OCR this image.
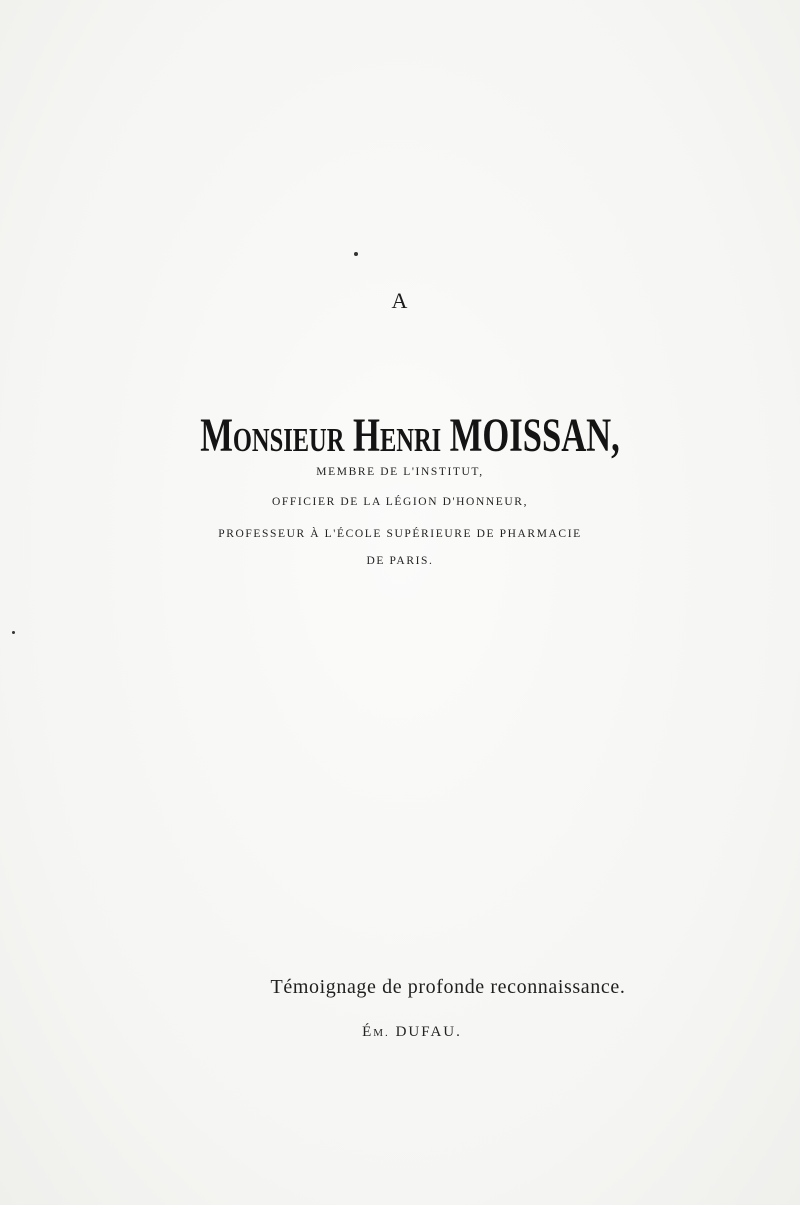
A
MONSIEUR HENRI MOISSAN,
MEMBRE DE L'INSTITUT,
OFFICIER DE LA LÉGION D'HONNEUR,
PROFESSEUR À L'ÉCOLE SUPÉRIEURE DE PHARMACIE
DE PARIS.
Témoignage de profonde reconnaissance.
ÉM. DUFAU.
